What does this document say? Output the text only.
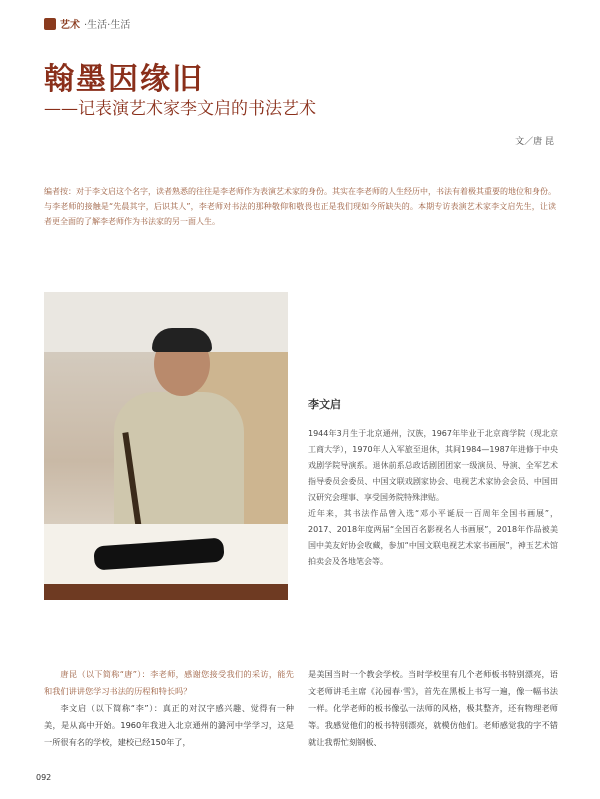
艺术 ·生活·生活
翰墨因缘旧
——记表演艺术家李文启的书法艺术
文／唐 昆
编者按：对于李文启这个名字，读者熟悉的往往是李老师作为表演艺术家的身份。其实在李老师的人生经历中，书法有着极其重要的地位和身份。与李老师的接触是“先晨其字，后识其人”，李老师对书法的那种敬仰和敬畏也正是我们现如今所缺失的。本期专访表演艺术家李文启先生，让读者更全面的了解李老师作为书法家的另一面人生。
李文启

1944年3月生于北京通州，汉族，1967年毕业于北京商学院（现北京工商大学），1970年人入军旅至退休，其间1984—1987年进修于中央戏剧学院导演系。退休前系总政话剧团团家一级演员、导演、全军艺术指导委员会委员、中国文联戏剧家协会、电视艺术家协会会员、中国田汉研究会理事、享受国务院特殊津贴。

近年来，其书法作品曾入选“邓小平诞辰一百周年全国书画展”，2017、2018年度两届“全国百名影视名人书画展”，2018年作品被美国中美友好协会收藏，参加“中国文联电视艺术家书画展”，神玉艺术馆拍卖会及各地笔会等。

唐昆（以下简称“唐”）：李老师，感谢您接受我们的采访，能先和我们讲讲您学习书法的历程和特长吗？

李文启（以下简称“李”）：真正的对汉字感兴趣、觉得有一种美，是从高中开始。1960年我进入北京通州的潞河中学学习，这是一所很有名的学校，建校已经150年了，

是美国当时一个教会学校。当时学校里有几个老师板书特别漂亮，语文老师讲毛主席《沁园春·雪》，首先在黑板上书写一遍，像一幅书法一样。化学老师的板书像弘一法师的风格，极其整齐，还有物理老师等。我感觉他们的板书特别漂亮，就模仿他们。老师感觉我的字不错就让我帮忙刻钢板、

092
